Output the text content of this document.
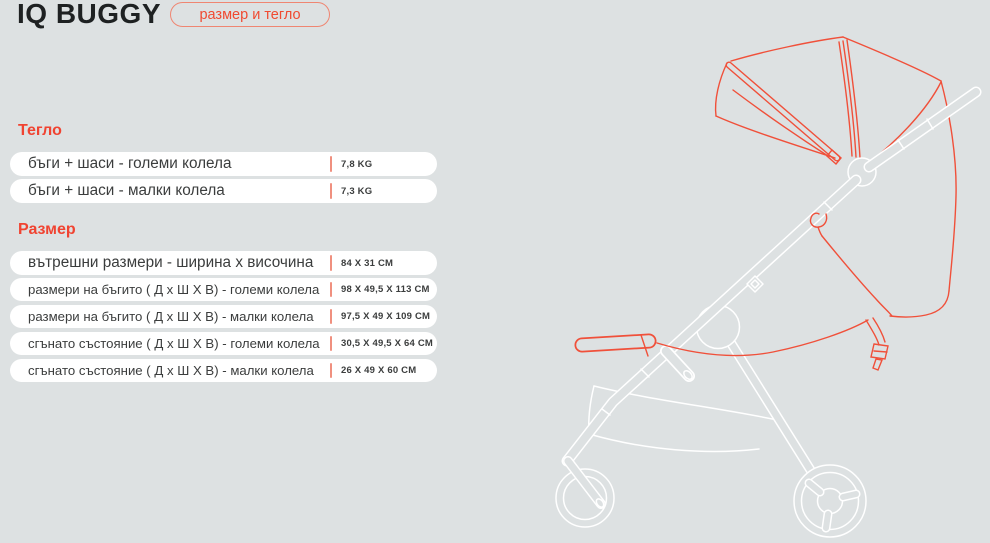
IQ BUGGY	размер и тегло
Тегло
бъги + шаси - големи колела	7,8 KG
бъги + шаси - малки колела	7,3 KG
Размер
вътрешни размери - ширина х височина	84 X 31 CM
размери на бъгито ( Д х Ш Х В) - големи колела 98 X 49,5 X 113 CM
размери на бъгито ( Д х Ш Х В) - малки колела	97,5 X 49 X 109 CM
сгънато състояние ( Д х Ш Х В) - големи колела 30,5 X 49,5 X 64 CM
сгънато състояние ( Д х Ш Х В) - малки колела	26 X 49 X 60 CM
